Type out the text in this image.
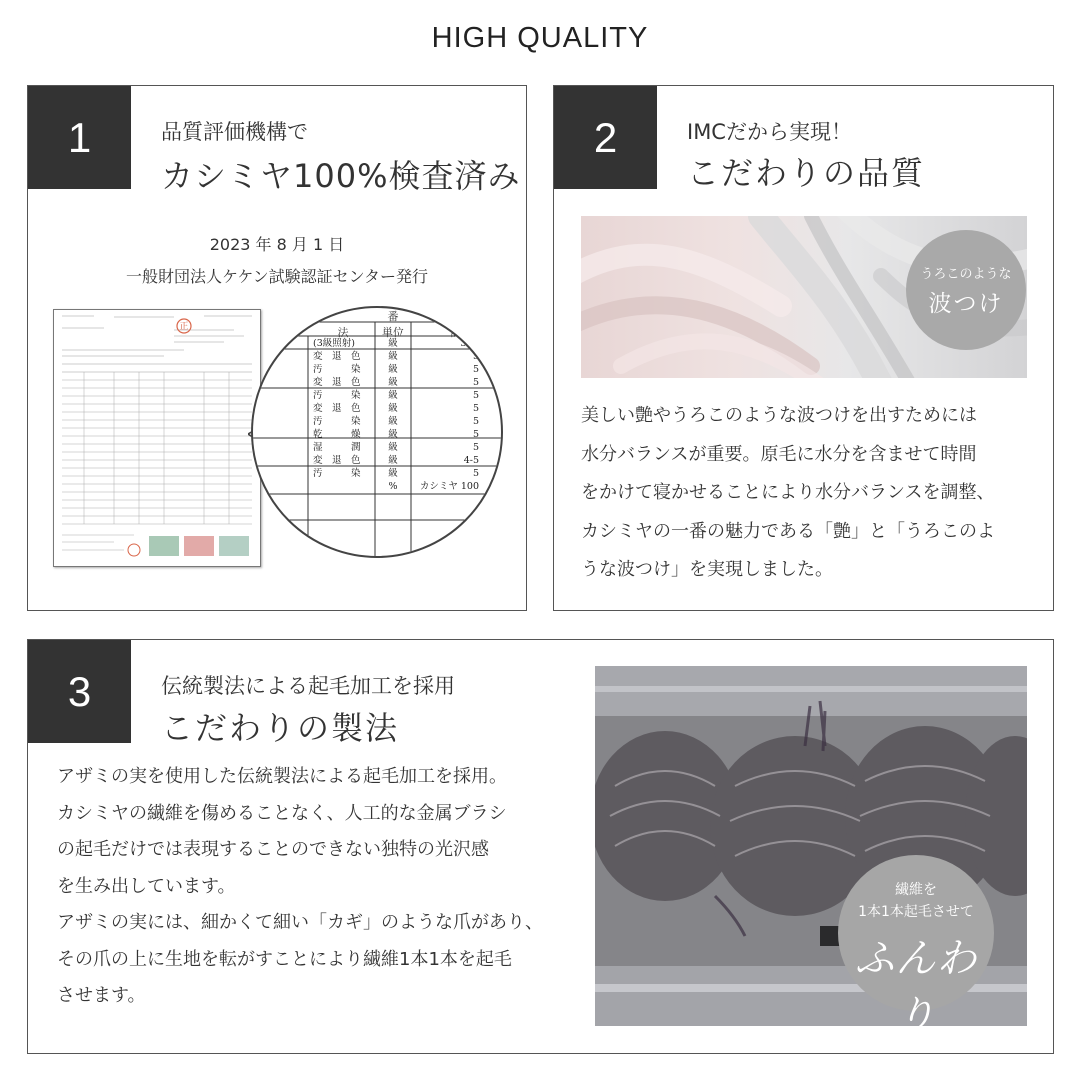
HIGH QUALITY
1	品質評価機構で
カシミヤ100%検査済み
2023 年 8 月 1 日
一般財団法人ケケン試験認証センター発行
正
番
法	単位	試
(3級照射)	級	3 以
変　退　色	級	5
汚　　　染	級	5
変　退　色	級	5
汚　　　染	級	5
変　退　色	級	5
汚　　　染	級	5
乾　　　燥	級	5
湿　　　潤	級	5
変　退　色	級	4-5
汚　　　染	級	5
%	カシミヤ 100
2	IMCだから実現！
こだわりの品質
うろこのような
波つけ
美しい艶やうろこのような波つけを出すためには
水分バランスが重要。原毛に水分を含ませて時間
をかけて寝かせることにより水分バランスを調整、
カシミヤの一番の魅力である「艶」と「うろこのよ
うな波つけ」を実現しました。
3	伝統製法による起毛加工を採用
こだわりの製法
アザミの実を使用した伝統製法による起毛加工を採用。
カシミヤの繊維を傷めることなく、人工的な金属ブラシ
の起毛だけでは表現することのできない独特の光沢感
を生み出しています。
アザミの実には、細かくて細い「カギ」のような爪があり、
その爪の上に生地を転がすことにより繊維1本1本を起毛
させます。
繊維を
1本1本起毛させて
ふんわり
